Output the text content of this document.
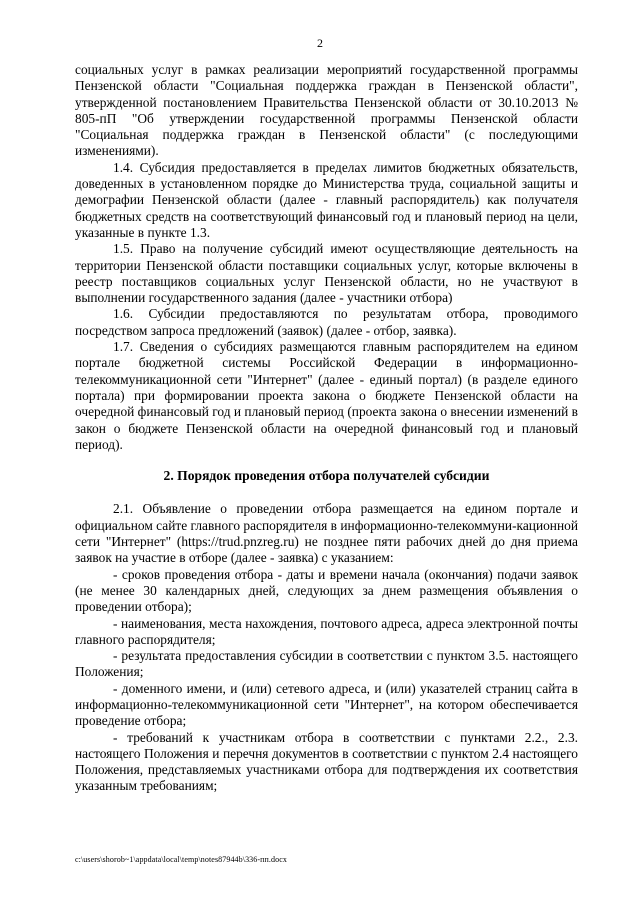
2

социальных услуг в рамках реализации мероприятий государственной программы Пензенской области "Социальная поддержка граждан в Пензенской области", утвержденной постановлением Правительства Пензенской области от 30.10.2013 № 805-пП "Об утверждении государственной программы Пензенской области "Социальная поддержка граждан в Пензенской области" (с последующими изменениями).

1.4. Субсидия предоставляется в пределах лимитов бюджетных обязательств, доведенных в установленном порядке до Министерства труда, социальной защиты и демографии Пензенской области (далее - главный распорядитель) как получателя бюджетных средств на соответствующий финансовый год и плановый период на цели, указанные в пункте 1.3.

1.5. Право на получение субсидий имеют осуществляющие деятельность на территории Пензенской области поставщики социальных услуг, которые включены в реестр поставщиков социальных услуг Пензенской области, но не участвуют в выполнении государственного задания (далее - участники отбора)

1.6. Субсидии предоставляются по результатам отбора, проводимого посредством запроса предложений (заявок) (далее - отбор, заявка).

1.7. Сведения о субсидиях размещаются главным распорядителем на едином портале бюджетной системы Российской Федерации в информационно-телекоммуникационной сети "Интернет" (далее - единый портал) (в разделе единого портала) при формировании проекта закона о бюджете Пензенской области на очередной финансовый год и плановый период (проекта закона о внесении изменений в закон о бюджете Пензенской области на очередной финансовый год и плановый период).

2. Порядок проведения отбора получателей субсидии

2.1. Объявление о проведении отбора размещается на едином портале и официальном сайте главного распорядителя в информационно-телекоммуни-кационной сети "Интернет" (https://trud.pnzreg.ru) не позднее пяти рабочих дней до дня приема заявок на участие в отборе (далее - заявка) с указанием:

- сроков проведения отбора - даты и времени начала (окончания) подачи заявок (не менее 30 календарных дней, следующих за днем размещения объявления о проведении отбора);

- наименования, места нахождения, почтового адреса, адреса электронной почты главного распорядителя;

- результата предоставления субсидии в соответствии с пунктом 3.5. настоящего Положения;

- доменного имени, и (или) сетевого адреса, и (или) указателей страниц сайта в информационно-телекоммуникационной сети "Интернет", на котором обеспечивается проведение отбора;

- требований к участникам отбора в соответствии с пунктами 2.2., 2.3. настоящего Положения и перечня документов в соответствии с пунктом 2.4 настоящего Положения, представляемых участниками отбора для подтверждения их соответствия указанным требованиям;

c:\users\shorob~1\appdata\local\temp\notes87944b\336-пп.docx
